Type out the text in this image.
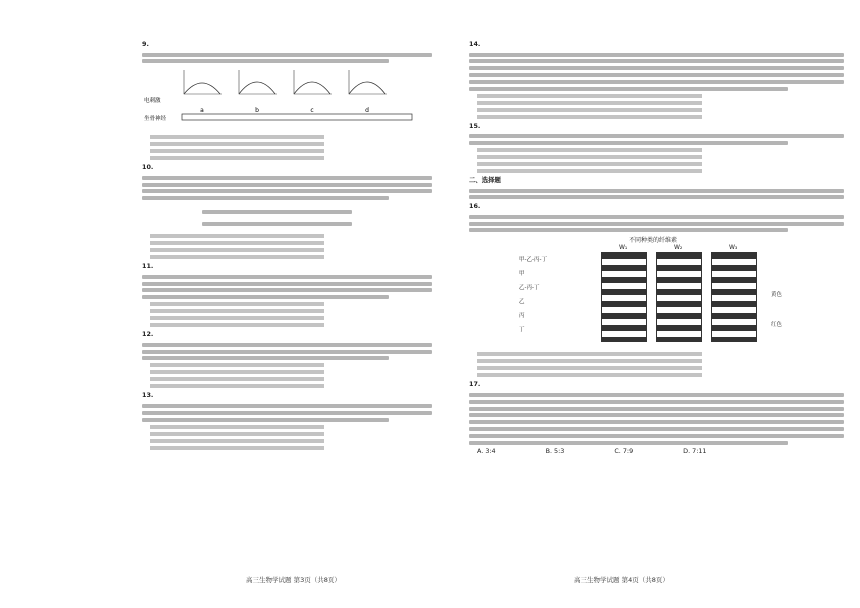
9.
a	b	c	d
坐骨神经
电刺激
10.
11.
12.
13.
14.
15.
二、选择题
16.
不同种类的纤维素
W₁	W₂	W₃
甲-乙-丙-丁
甲
乙-丙-丁
乙
丙
丁
黄色
红色
17.
A. 3:4	B. 5:3	C. 7:9	D. 7:11
高三生物学试题 第3页（共8页）	高三生物学试题 第4页（共8页）
